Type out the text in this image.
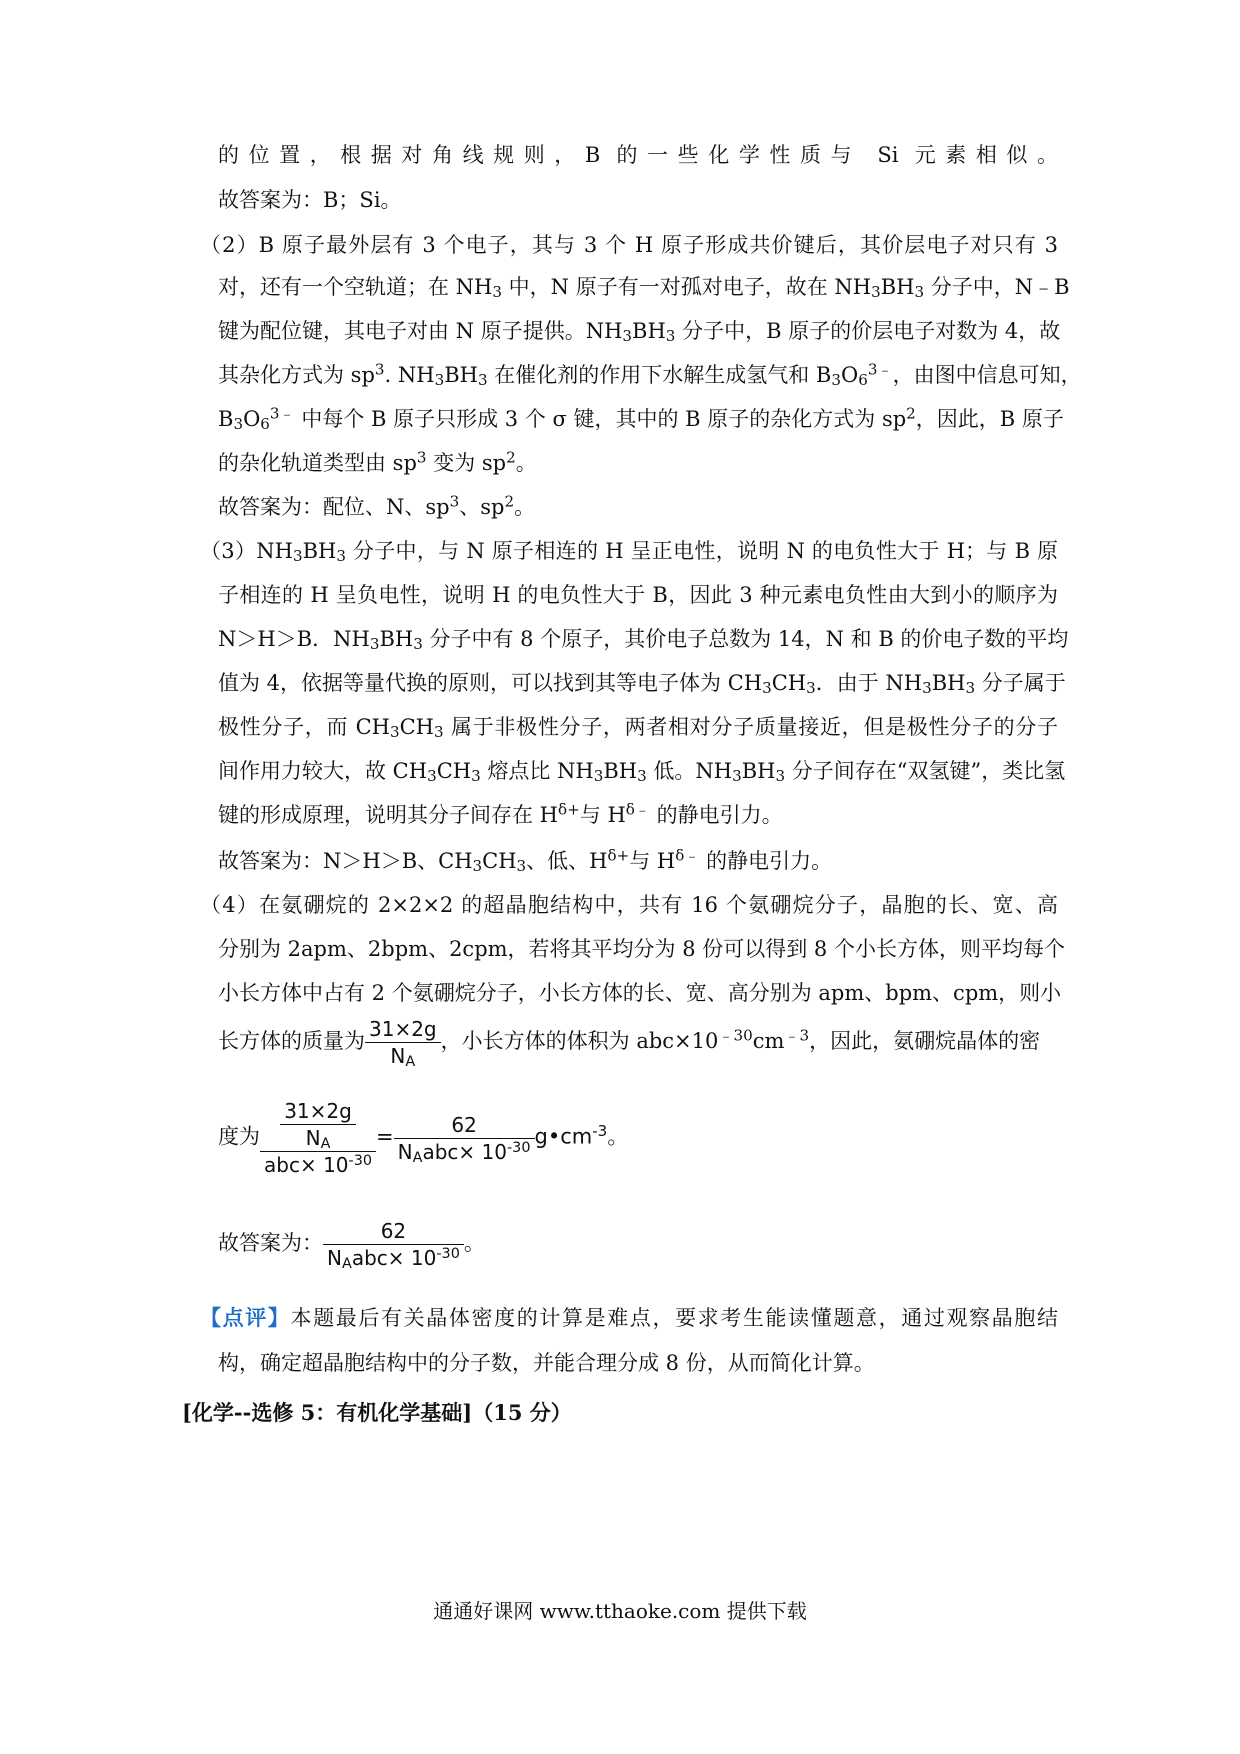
的位置，根据对角线规则，B 的一些化学性质与 Si 元素相似。
故答案为：B；Si。
（2）B 原子最外层有 3 个电子，其与 3 个 H 原子形成共价键后，其价层电子对只有 3
对，还有一个空轨道；在 $NH_3$ 中，N 原子有一对孤对电子，故在 $NH_3BH_3$ 分子中，N﹣B
键为配位键，其电子对由 N 原子提供。$NH_3BH_3$ 分子中，B 原子的价层电子对数为 4，故
其杂化方式为 $sp^3$. $NH_3BH_3$ 在催化剂的作用下水解生成氢气和 $B_3O_6^{3﹣}$，由图中信息可知，
$B_3O_6^{3﹣}$ 中每个 B 原子只形成 3 个 σ 键，其中的 B 原子的杂化方式为 $sp^2$，因此，B 原子
的杂化轨道类型由 $sp^3$ 变为 $sp^2$。
故答案为：配位、N、$sp^3$、$sp^2$。
$(3)NH_3BH_3$ 分子中，与 N 原子相连的 H 呈正电性，说明 N 的电负性大于 H；与 B 原
子相连的 H 呈负电性，说明 H 的电负性大于 B，因此 3 种元素电负性由大到小的顺序为
N＞H＞B．$NH_3BH_3$ 分子中有 8 个原子，其价电子总数为 14，N 和 B 的价电子数的平均
值为 4，依据等量代换的原则，可以找到其等电子体为 $CH_3CH_3$．由于 $NH_3BH_3$ 分子属于
极性分子，而 $CH_3CH_3$ 属于非极性分子，两者相对分子质量接近，但是极性分子的分子
间作用力较大，故 $CH_3CH_3$ 熔点比 $NH_3BH_3$ 低。$NH_3BH_3$ 分子间存在“双氢键”，类比氢
键的形成原理，说明其分子间存在 $H^{\delta+}$与 $H^{\delta﹣}$ 的静电引力。
故答案为：N＞H＞B、$CH_3CH_3$、低、$H^{\delta+}$与 $H^{\delta﹣}$ 的静电引力。
（4）在氨硼烷的 2×2×2 的超晶胞结构中，共有 16 个氨硼烷分子，晶胞的长、宽、高
分别为 2apm、2bpm、2cpm，若将其平均分为 8 份可以得到 8 个小长方体，则平均每个
小长方体中占有 2 个氨硼烷分子，小长方体的长、宽、高分别为 apm、bpm、cpm，则小
长方体的质量为 $\frac{31\times 2g}{N_A}$ ，小长方体的体积为 $abc\times 10^{﹣30}cm^{﹣3}$，因此，氨硼烷晶体的密
度为 $\frac{\frac{31\times 2g}{N_A}}{abc\times 10^{-30}} = \frac{62}{N_Aabc\times 10^{-30}}$ $g•cm^{-3}$。
故答案为： $\frac{62}{N_Aabc\times 10^{-30}}$ 。
【点评】本题最后有关晶体密度的计算是难点，要求考生能读懂题意，通过观察晶胞结
构，确定超晶胞结构中的分子数，并能合理分成 8 份，从而简化计算。
[化学--选修 5：有机化学基础]（15 分）
通通好课网 www.tthaoke.com 提供下载
